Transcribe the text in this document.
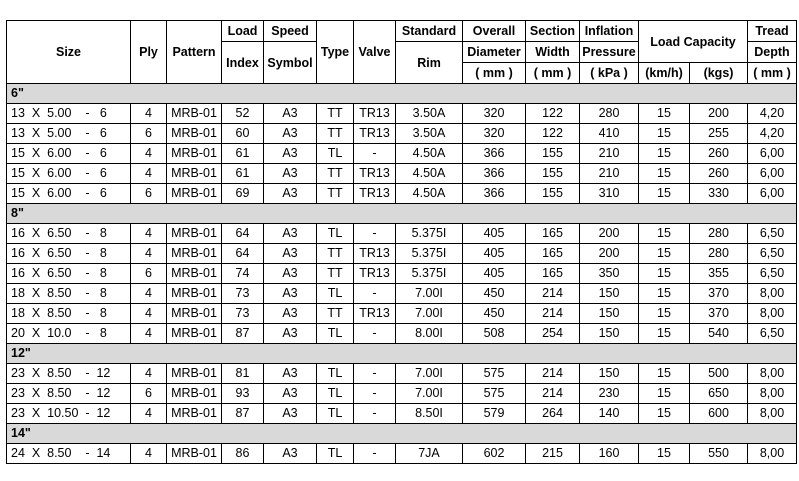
Size	Ply	Pattern	Load	Speed	Type	Valve	Standard	Overall	Section	Inflation	Load Capacity		Tread
			Index	Symbol			Rim	Diameter	Width	Pressure			Depth
								( mm )	( mm )	( kPa )	(km/h)	(kgs)	( mm )
6"													
13  X  5.00    -   6	4	MRB-01	52	A3	TT	TR13	3.50A	320	122	280	15	200	4,20
13  X  5.00    -   6	6	MRB-01	60	A3	TT	TR13	3.50A	320	122	410	15	255	4,20
15  X  6.00    -   6	4	MRB-01	61	A3	TL	-	4.50A	366	155	210	15	260	6,00
15  X  6.00    -   6	4	MRB-01	61	A3	TT	TR13	4.50A	366	155	210	15	260	6,00
15  X  6.00    -   6	6	MRB-01	69	A3	TT	TR13	4.50A	366	155	310	15	330	6,00
8"													
16  X  6.50    -   8	4	MRB-01	64	A3	TL	-	5.375I	405	165	200	15	280	6,50
16  X  6.50    -   8	4	MRB-01	64	A3	TT	TR13	5.375I	405	165	200	15	280	6,50
16  X  6.50    -   8	6	MRB-01	74	A3	TT	TR13	5.375I	405	165	350	15	355	6,50
18  X  8.50    -   8	4	MRB-01	73	A3	TL	-	7.00I	450	214	150	15	370	8,00
18  X  8.50    -   8	4	MRB-01	73	A3	TT	TR13	7.00I	450	214	150	15	370	8,00
20  X  10.0    -   8	4	MRB-01	87	A3	TL	-	8.00I	508	254	150	15	540	6,50
12"													
23  X  8.50    -  12	4	MRB-01	81	A3	TL	-	7.00I	575	214	150	15	500	8,00
23  X  8.50    -  12	6	MRB-01	93	A3	TL	-	7.00I	575	214	230	15	650	8,00
23  X  10.50  -  12	4	MRB-01	87	A3	TL	-	8.50I	579	264	140	15	600	8,00
14"													
24  X  8.50    -  14	4	MRB-01	86	A3	TL	-	7JA	602	215	160	15	550	8,00
